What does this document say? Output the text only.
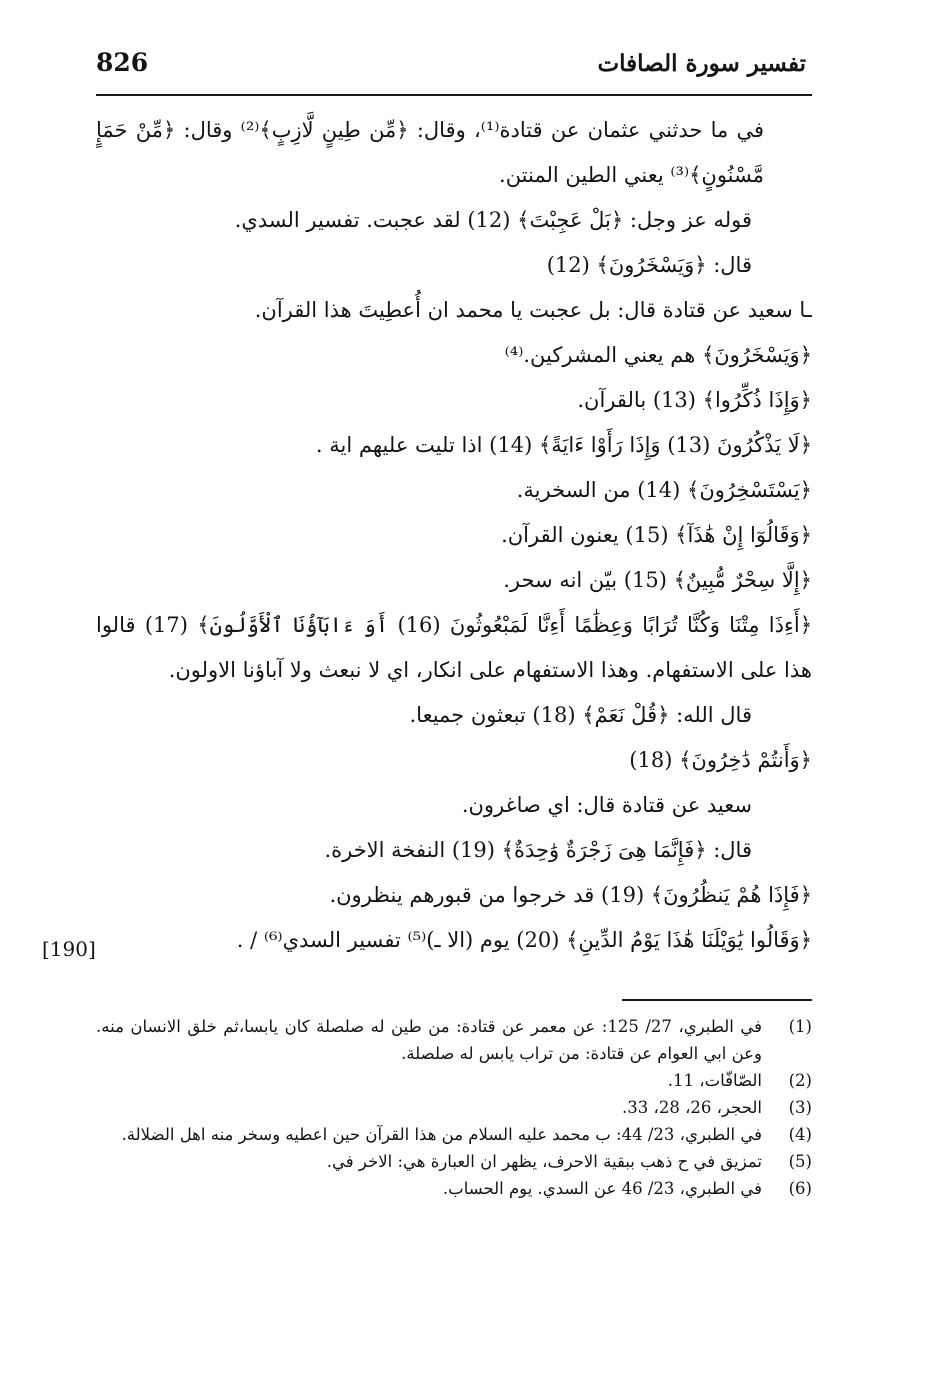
826	تفسير سورة الصافات
في ما حدثني عثمان عن قتادة⁽¹⁾، وقال: ﴿مِّن طِينٍ لَّازِبٍ﴾⁽²⁾ وقال: ﴿مِّنْ حَمَإٍ مَّسْنُونٍ﴾⁽³⁾ يعني الطين المنتن.
قوله عز وجل: ﴿بَلْ عَجِبْتَ﴾ (12) لقد عجبت. تفسير السدي.
قال: ﴿وَيَسْخَرُونَ﴾ (12)
ـا سعيد عن قتادة قال: بل عجبت يا محمد ان أُعطِيتَ هذا القرآن.
﴿وَيَسْخَرُونَ﴾ هم يعني المشركين.⁽⁴⁾
﴿وَإِذَا ذُكِّرُوا﴾ (13) بالقرآن.
﴿لَا يَذْكُرُونَ (13) وَإِذَا رَأَوْا ءَايَةً﴾ (14) اذا تليت عليهم اية .
﴿يَسْتَسْخِرُونَ﴾ (14) من السخرية.
﴿وَقَالُوٓا إِنْ هَٰذَآ﴾ (15) يعنون القرآن.
﴿إِلَّا سِحْرٌ مُّبِينٌ﴾ (15) بيّن انه سحر.
﴿أَءِذَا مِتْنَا وَكُنَّا تُرَابًا وَعِظَٰمًا أَءِنَّا لَمَبْعُوثُونَ (16) أَوَ ءَابَآؤُنَا ٱلْأَوَّلُونَ﴾ (17) قالوا هذا على الاستفهام. وهذا الاستفهام على انكار، اي لا نبعث ولا آباؤنا الاولون.
قال الله: ﴿قُلْ نَعَمْ﴾ (18) تبعثون جميعا.
﴿وَأَنتُمْ دَٰخِرُونَ﴾ (18)
سعيد عن قتادة قال: اي صاغرون.
قال: ﴿فَإِنَّمَا هِىَ زَجْرَةٌ وَٰحِدَةٌ﴾ (19) النفخة الاخرة.
﴿فَإِذَا هُمْ يَنظُرُونَ﴾ (19) قد خرجوا من قبورهم ينظرون.
﴿وَقَالُوا يَٰوَيْلَنَا هَٰذَا يَوْمُ الدِّينِ﴾ (20) يوم (الا ـ)⁽⁵⁾ تفسير السدي⁽⁶⁾ / .
[190]
(1)
في الطبري، 27/ 125: عن معمر عن قتادة: من طين له صلصلة كان يابسا،ثم خلق الانسان منه. وعن ابي العوام عن قتادة: من تراب يابس له صلصلة.
(2)
الصّافّات، 11.
(3)
الحجر، 26، 28، 33.
(4)
في الطبري، 23/ 44: ب محمد عليه السلام من هذا القرآن حين اعطيه وسخر منه اهل الضلالة.
(5)
تمزيق في ح ذهب ببقية الاحرف، يظهر ان العبارة هي: الاخر في.
(6)
في الطبري، 23/ 46 عن السدي. يوم الحساب.
